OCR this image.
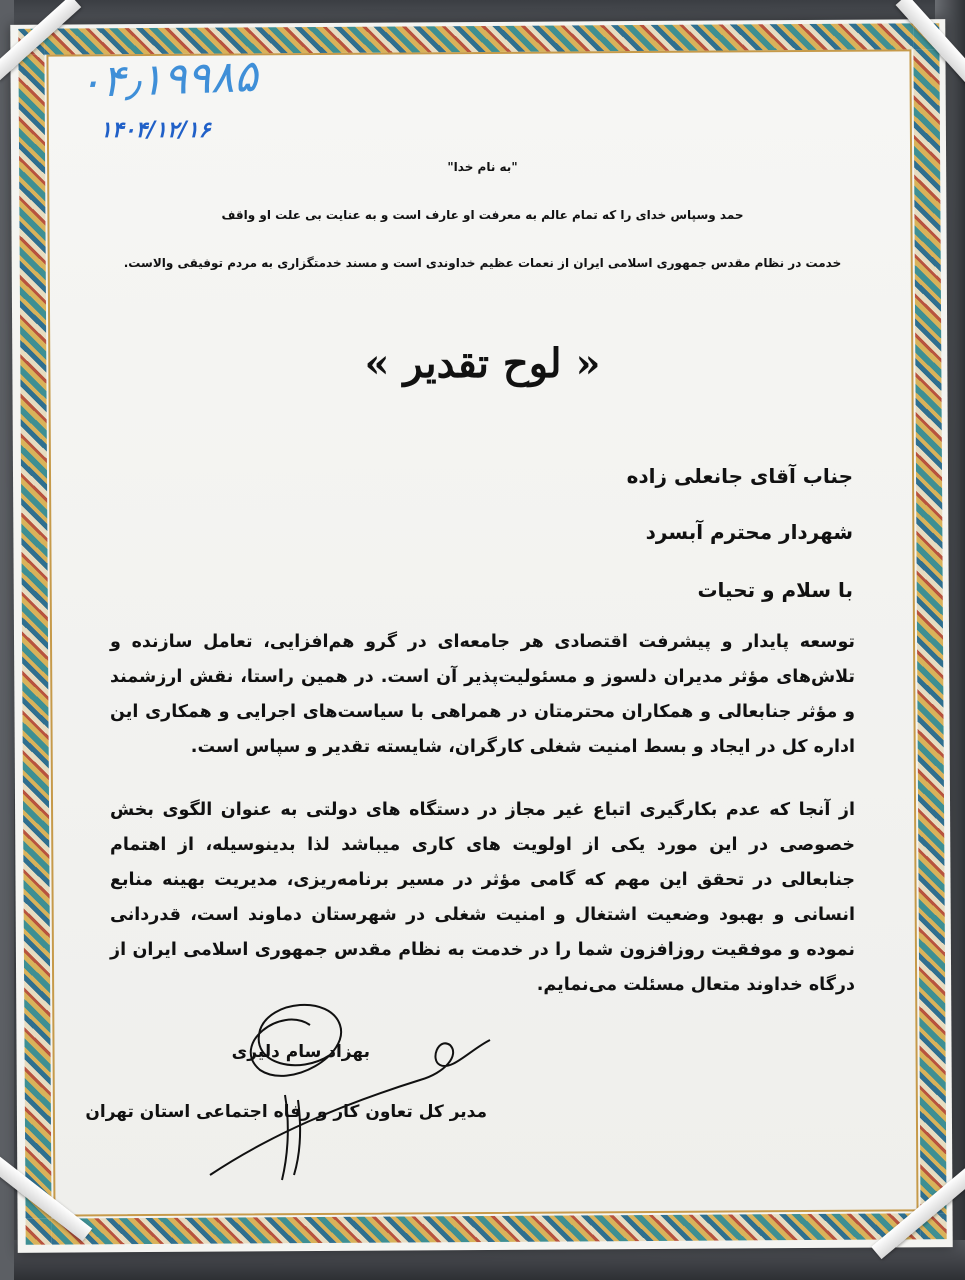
۰۴٫۱۹۹۸۵
۱۴۰۴/۱۲/۱۶
"به نام خدا"
حمد وسپاس خدای را که تمام عالم به معرفت او عارف است و به عنایت بی علت او واقف
خدمت در نظام مقدس جمهوری اسلامی ایران از نعمات عظیم خداوندی است و مسند خدمتگزاری به مردم توفیقی والاست.
« لوح تقدیر »
جناب آقای جانعلی زاده
شهردار محترم آبسرد
با سلام و تحیات
توسعه پایدار و پیشرفت اقتصادی هر جامعه‌ای در گرو هم‌افزایی، تعامل سازنده و تلاش‌های مؤثر مدیران دلسوز و مسئولیت‌پذیر آن است. در همین راستا، نقش ارزشمند و مؤثر جنابعالی و همکاران محترمتان در همراهی با سیاست‌های اجرایی و همکاری این اداره کل در ایجاد و بسط امنیت شغلی کارگران، شایسته تقدیر و سپاس است.
از آنجا که عدم بکارگیری اتباع غیر مجاز در دستگاه های دولتی به عنوان الگوی بخش خصوصی در این مورد یکی از اولویت های کاری میباشد لذا بدینوسیله، از اهتمام جنابعالی در تحقق این مهم که گامی مؤثر در مسیر برنامه‌ریزی، مدیریت بهینه منابع انسانی و بهبود وضعیت اشتغال و امنیت شغلی در شهرستان دماوند است، قدردانی نموده و موفقیت روزافزون شما را در خدمت به نظام مقدس جمهوری اسلامی ایران از درگاه خداوند متعال مسئلت می‌نمایم.
بهزاد سام دلیری
مدیر کل تعاون کار و رفاه اجتماعی استان تهران
